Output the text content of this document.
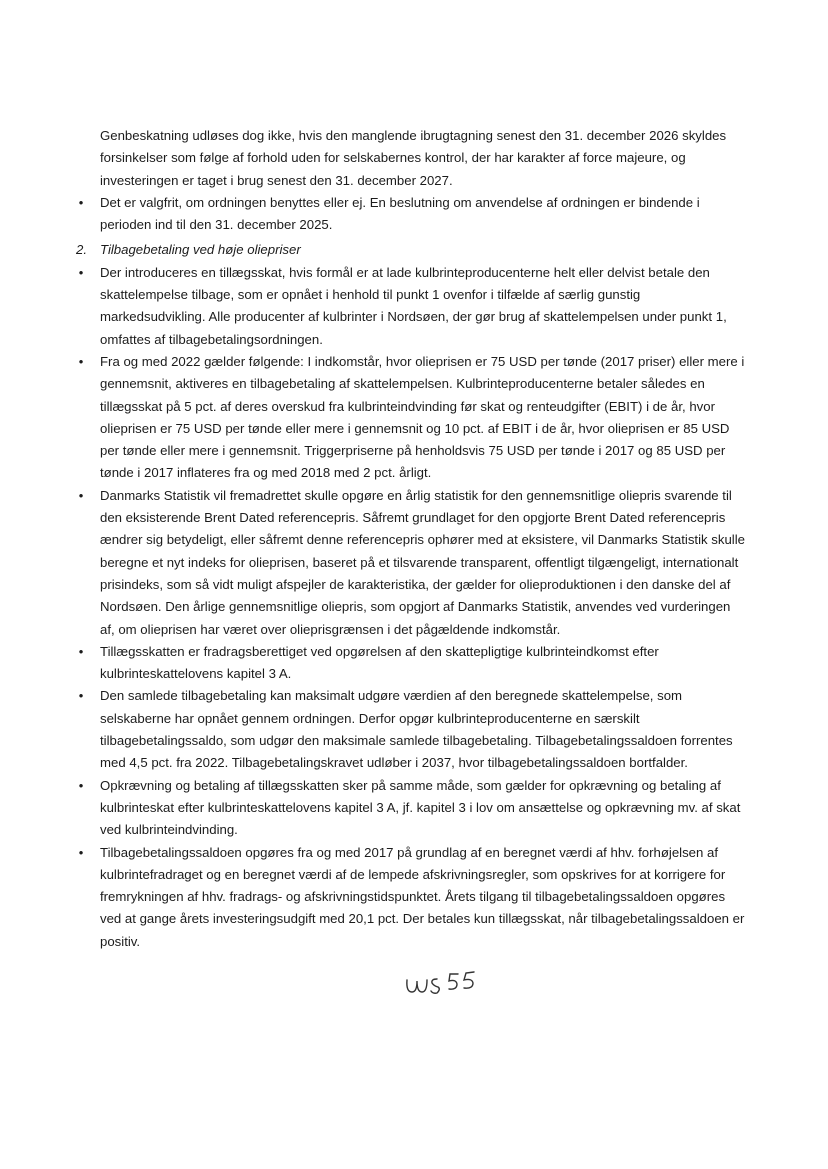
Genbeskatning udløses dog ikke, hvis den manglende ibrugtagning senest den 31. december 2026 skyldes forsinkelser som følge af forhold uden for selskabernes kontrol, der har karakter af force majeure, og investeringen er taget i brug senest den 31. december 2027.

•	Det er valgfrit, om ordningen benyttes eller ej. En beslutning om anvendelse af ordningen er bindende i perioden ind til den 31. december 2025.
2. Tilbagebetaling ved høje oliepriser
•	Der introduceres en tillægsskat, hvis formål er at lade kulbrinteproducenterne helt eller delvist betale den skattelempelse tilbage, som er opnået i henhold til punkt 1 ovenfor i tilfælde af særlig gunstig markedsudvikling. Alle producenter af kulbrinter i Nordsøen, der gør brug af skattelempelsen under punkt 1, omfattes af tilbagebetalingsordningen.
•	Fra og med 2022 gælder følgende: I indkomstår, hvor olieprisen er 75 USD per tønde (2017 priser) eller mere i gennemsnit, aktiveres en tilbagebetaling af skattelempelsen. Kulbrinteproducenterne betaler således en tillægsskat på 5 pct. af deres overskud fra kulbrinteindvinding før skat og renteudgifter (EBIT) i de år, hvor olieprisen er 75 USD per tønde eller mere i gennemsnit og 10 pct. af EBIT i de år, hvor olieprisen er 85 USD per tønde eller mere i gennemsnit. Triggerpriserne på henholdsvis 75 USD per tønde i 2017 og 85 USD per tønde i 2017 inflateres fra og med 2018 med 2 pct. årligt.
•	Danmarks Statistik vil fremadrettet skulle opgøre en årlig statistik for den gennemsnitlige oliepris svarende til den eksisterende Brent Dated referencepris. Såfremt grundlaget for den opgjorte Brent Dated referencepris ændrer sig betydeligt, eller såfremt denne referencepris ophører med at eksistere, vil Danmarks Statistik skulle beregne et nyt indeks for olieprisen, baseret på et tilsvarende transparent, offentligt tilgængeligt, internationalt prisindeks, som så vidt muligt afspejler de karakteristika, der gælder for olieproduktionen i den danske del af Nordsøen. Den årlige gennemsnitlige oliepris, som opgjort af Danmarks Statistik, anvendes ved vurderingen af, om olieprisen har været over olieprisgrænsen i det pågældende indkomstår.
•	Tillægsskatten er fradragsberettiget ved opgørelsen af den skattepligtige kulbrinteindkomst efter kulbrinteskattelovens kapitel 3 A.
•	Den samlede tilbagebetaling kan maksimalt udgøre værdien af den beregnede skattelempelse, som selskaberne har opnået gennem ordningen. Derfor opgør kulbrinteproducenterne en særskilt tilbagebetalingssaldo, som udgør den maksimale samlede tilbagebetaling. Tilbagebetalingssaldoen forrentes med 4,5 pct. fra 2022. Tilbagebetalingskravet udløber i 2037, hvor tilbagebetalingssaldoen bortfalder.
•	Opkrævning og betaling af tillægsskatten sker på samme måde, som gælder for opkrævning og betaling af kulbrinteskat efter kulbrinteskattelovens kapitel 3 A, jf. kapitel 3 i lov om ansættelse og opkrævning mv. af skat ved kulbrinteindvinding.
•	Tilbagebetalingssaldoen opgøres fra og med 2017 på grundlag af en beregnet værdi af hhv. forhøjelsen af kulbrintefradraget og en beregnet værdi af de lempede afskrivningsregler, som opskrives for at korrigere for fremrykningen af hhv. fradrags- og afskrivningstidspunktet. Årets tilgang til tilbagebetalingssaldoen opgøres ved at gange årets investeringsudgift med 20,1 pct. Der betales kun tillægsskat, når tilbagebetalingssaldoen er positiv.
